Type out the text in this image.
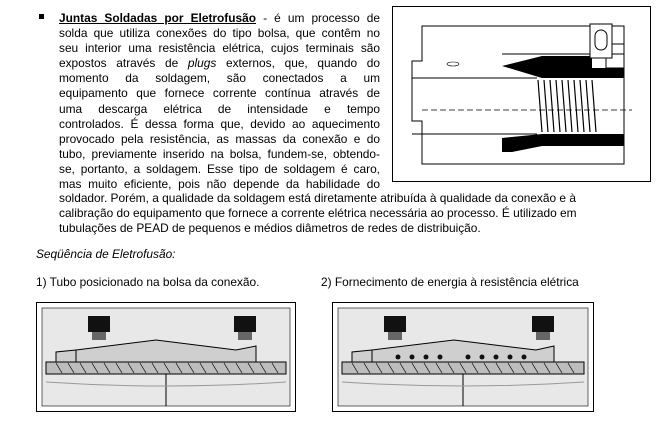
Juntas Soldadas por Eletrofusão - é um processo de
solda que utiliza conexões do tipo bolsa, que contêm no
seu interior uma resistência elétrica, cujos terminais são
expostos através de plugs externos, que, quando do
momento da soldagem, são conectados a um
equipamento que fornece corrente contínua através de
uma descarga elétrica de intensidade e tempo
controlados. É dessa forma que, devido ao aquecimento
provocado pela resistência, as massas da conexão e do
tubo, previamente inserido na bolsa, fundem-se, obtendo-
se, portanto, a soldagem. Esse tipo de soldagem é caro,
mas muito eficiente, pois não depende da habilidade do
soldador. Porém, a qualidade da soldagem está diretamente atribuída à qualidade da conexão e à
calibração do equipamento que fornece a corrente elétrica necessária ao processo. É utilizado em
tubulações de PEAD de pequenos e médios diâmetros de redes de distribuição.
Seqüência de Eletrofusão:
1) Tubo posicionado na bolsa da conexão.	2) Fornecimento de energia à resistência elétrica
